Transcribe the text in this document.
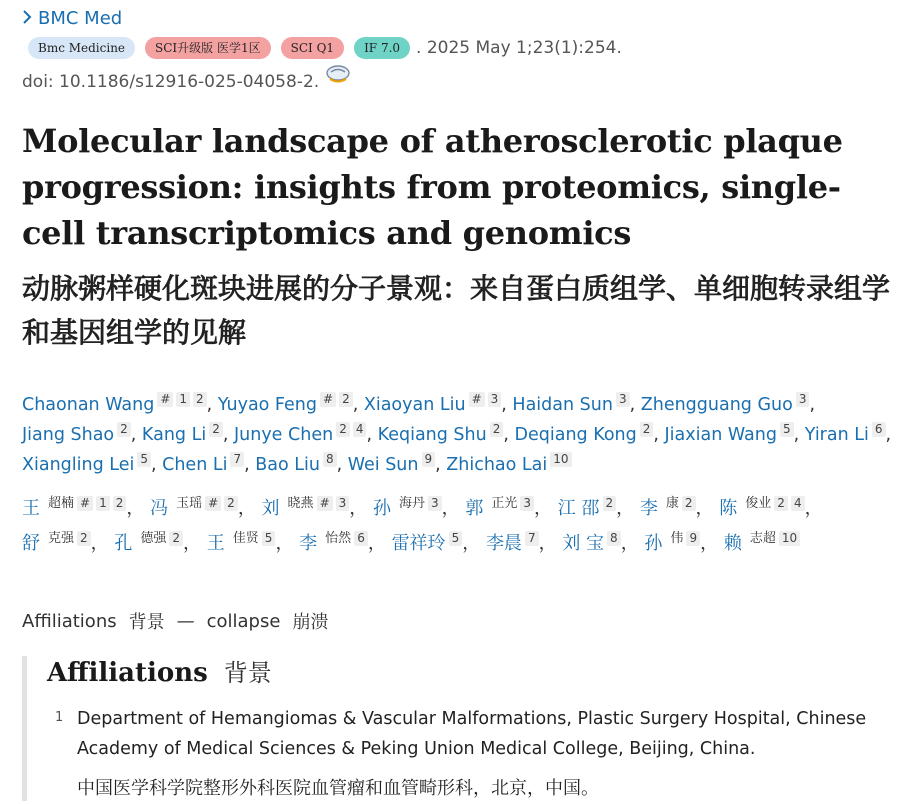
BMC Med
Bmc Medicine	SCI升级版 医学1区	SCI Q1	IF 7.0 . 2025 May 1;23(1):254.
doi: 10.1186/s12916-025-04058-2.
Molecular landscape of atherosclerotic plaque progression: insights from proteomics, single-cell transcriptomics and genomics
动脉粥样硬化斑块进展的分子景观：来自蛋白质组学、单细胞转录组学和基因组学的见解
Chaonan Wang # 1 2 , Yuyao Feng # 2 , Xiaoyan Liu # 3 , Haidan Sun 3 , Zhengguang Guo 3 , Jiang Shao 2 , Kang Li 2 , Junye Chen 2 4 , Keqiang Shu 2 , Deqiang Kong 2 , Jiaxian Wang 5 , Yiran Li 6 , Xiangling Lei 5 , Chen Li 7 , Bao Liu 8 , Wei Sun 9 , Zhichao Lai 10
王 $^{超楠}$ # 1 2 ， 冯 $^{玉瑶}$ # 2 ， 刘 $^{晓燕}$ # 3 ， 孙 $^{海丹}$ 3 ， 郭 $^{正光}$ 3 ， 江 邵 2 ， 李 $^康$ 2 ， 陈 $^{俊业}$ 2 4 ， 舒 $^{克强}$ 2 ， 孔 $^{德强}$ 2 ， 王 $^{佳贤}$ 5 ， 李 $^{怡然}$ 6 ， 雷祥玲 5 ， 李晨 7 ， 刘 宝 8 ， 孙 $^伟$ 9 ， 赖 $^{志超}$ 10
Affiliations 背景 — collapse 崩溃
Affiliations 背景
1 Department of Hemangiomas & Vascular Malformations, Plastic Surgery Hospital, Chinese Academy of Medical Sciences & Peking Union Medical College, Beijing, China.

中国医学科学院整形外科医院血管瘤和血管畸形科，北京，中国。
